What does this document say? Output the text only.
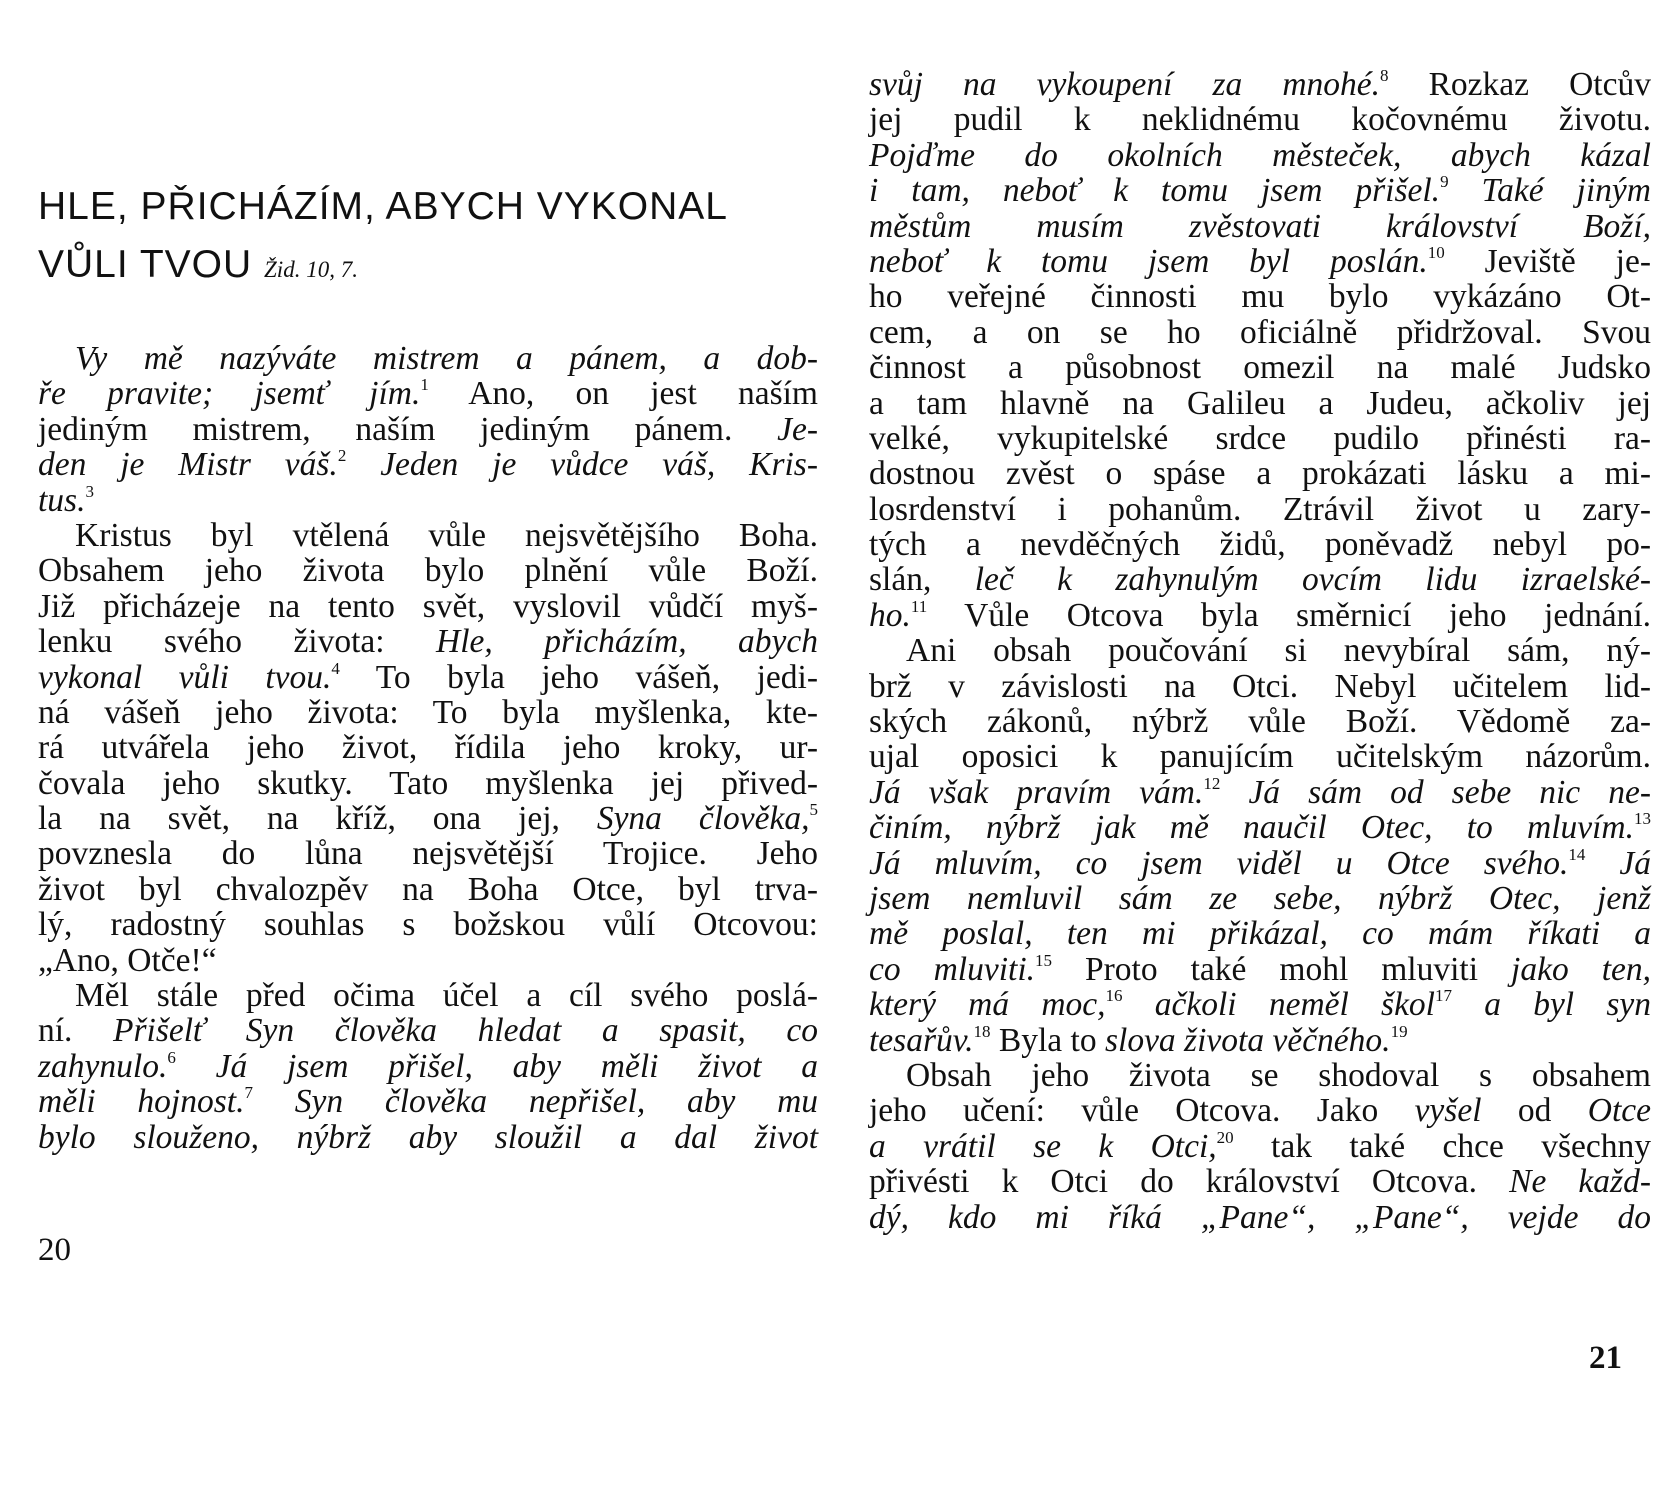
HLE, PŘICHÁZÍM, ABYCH VYKONAL
VŮLI TVOU Žid. 10, 7.
Vy mě nazýváte mistrem a pánem, a dob-
ře pravite; jsemť jím.$^1$ Ano, on jest naším
jediným mistrem, naším jediným pánem. Je-
den je Mistr váš.$^2$ Jeden je vůdce váš, Kris-
tus.$^3$
Kristus byl vtělená vůle nejsvětějšího Boha.
Obsahem jeho života bylo plnění vůle Boží.
Již přicházeje na tento svět, vyslovil vůdčí myš-
lenku svého života: Hle, přicházím, abych
vykonal vůli tvou.$^4$ To byla jeho vášeň, jedi-
ná vášeň jeho života: To byla myšlenka, kte-
rá utvářela jeho život, řídila jeho kroky, ur-
čovala jeho skutky. Tato myšlenka jej přived-
la na svět, na kříž, ona jej, Syna člověka,$^5$
povznesla do lůna nejsvětější Trojice. Jeho
život byl chvalozpěv na Boha Otce, byl trva-
lý, radostný souhlas s božskou vůlí Otcovou:
„Ano, Otče!“
Měl stále před očima účel a cíl svého poslá-
ní. Přišelť Syn člověka hledat a spasit, co
zahynulo.$^6$ Já jsem přišel, aby měli život a
měli hojnost.$^7$ Syn člověka nepřišel, aby mu
bylo slouženo, nýbrž aby sloužil a dal život
20
svůj na vykoupení za mnohé.$^8$ Rozkaz Otcův
jej pudil k neklidnému kočovnému životu.
Pojďme do okolních městeček, abych kázal
i tam, neboť k tomu jsem přišel.$^9$ Také jiným
městům musím zvěstovati království Boží,
neboť k tomu jsem byl poslán.$^{10}$ Jeviště je-
ho veřejné činnosti mu bylo vykázáno Ot-
cem, a on se ho oficiálně přidržoval. Svou
činnost a působnost omezil na malé Judsko
a tam hlavně na Galileu a Judeu, ačkoliv jej
velké, vykupitelské srdce pudilo přinésti ra-
dostnou zvěst o spáse a prokázati lásku a mi-
losrdenství i pohanům. Ztrávil život u zary-
tých a nevděčných židů, poněvadž nebyl po-
slán, leč k zahynulým ovcím lidu izraelské-
ho.$^{11}$ Vůle Otcova byla směrnicí jeho jednání.
Ani obsah poučování si nevybíral sám, ný-
brž v závislosti na Otci. Nebyl učitelem lid-
ských zákonů, nýbrž vůle Boží. Vědomě za-
ujal oposici k panujícím učitelským názorům.
Já však pravím vám.$^{12}$ Já sám od sebe nic ne-
činím, nýbrž jak mě naučil Otec, to mluvím.$^{13}$
Já mluvím, co jsem viděl u Otce svého.$^{14}$ Já
jsem nemluvil sám ze sebe, nýbrž Otec, jenž
mě poslal, ten mi přikázal, co mám říkati a
co mluviti.$^{15}$ Proto také mohl mluviti jako ten,
který má moc,$^{16}$ ačkoli neměl škol$^{17}$ a byl syn
tesařův.$^{18}$ Byla to slova života věčného.$^{19}$
Obsah jeho života se shodoval s obsahem
jeho učení: vůle Otcova. Jako vyšel od Otce
a vrátil se k Otci,$^{20}$ tak také chce všechny
přivésti k Otci do království Otcova. Ne každ-
dý, kdo mi říká „Pane“, „Pane“, vejde do
21
